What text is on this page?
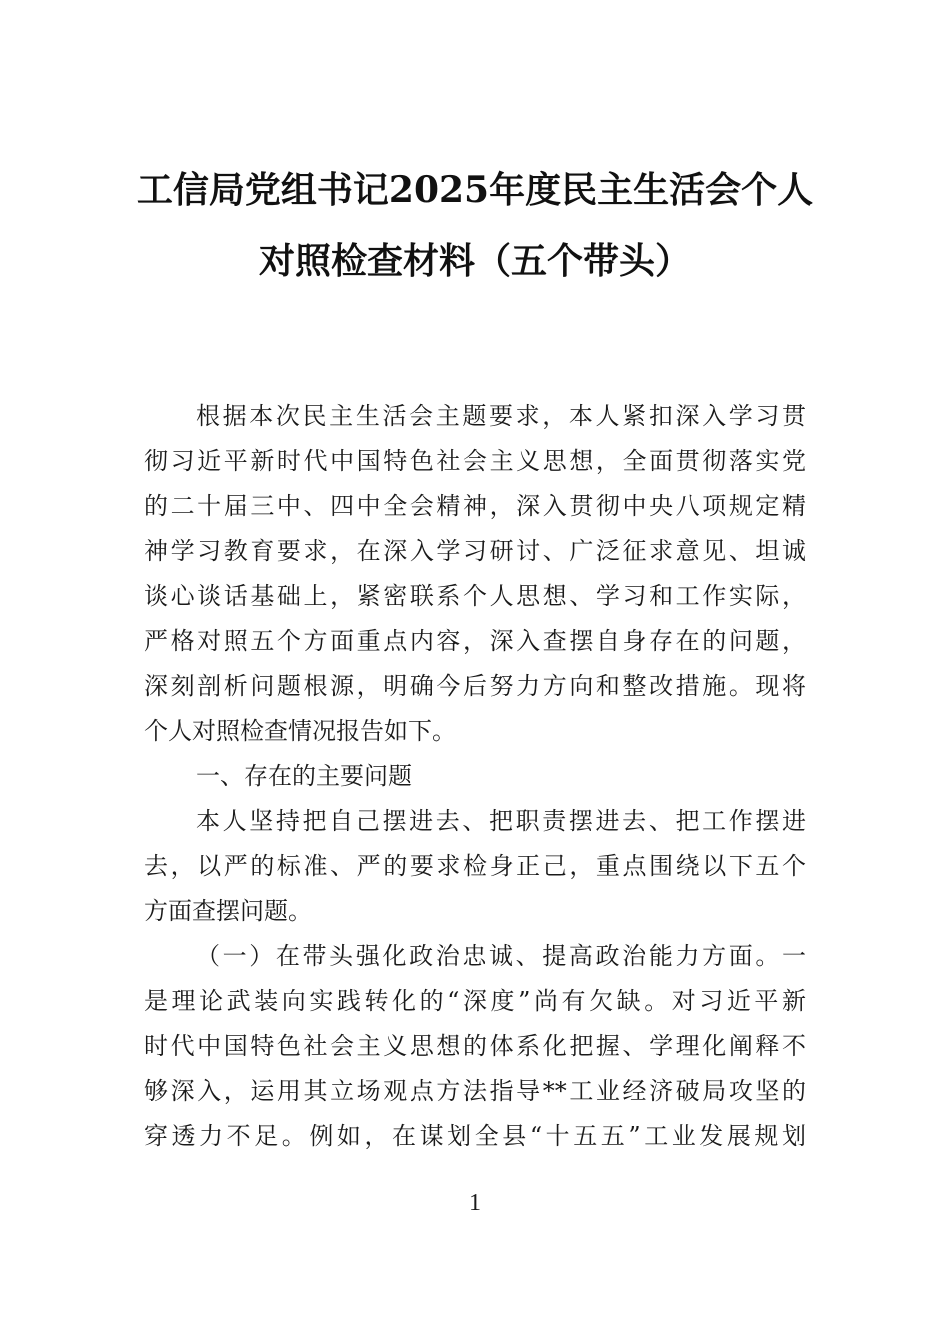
工信局党组书记2025年度民主生活会个人
对照检查材料（五个带头）
根据本次民主生活会主题要求，本人紧扣深入学习贯
彻习近平新时代中国特色社会主义思想，全面贯彻落实党
的二十届三中、四中全会精神，深入贯彻中央八项规定精
神学习教育要求，在深入学习研讨、广泛征求意见、坦诚
谈心谈话基础上，紧密联系个人思想、学习和工作实际，
严格对照五个方面重点内容，深入查摆自身存在的问题，
深刻剖析问题根源，明确今后努力方向和整改措施。现将
个人对照检查情况报告如下。
一、存在的主要问题
本人坚持把自己摆进去、把职责摆进去、把工作摆进
去，以严的标准、严的要求检身正己，重点围绕以下五个
方面查摆问题。
（一）在带头强化政治忠诚、提高政治能力方面。一
是理论武装向实践转化的“深度”尚有欠缺。对习近平新
时代中国特色社会主义思想的体系化把握、学理化阐释不
够深入，运用其立场观点方法指导**工业经济破局攻坚的
穿透力不足。例如，在谋划全县“十五五”工业发展规划
1
